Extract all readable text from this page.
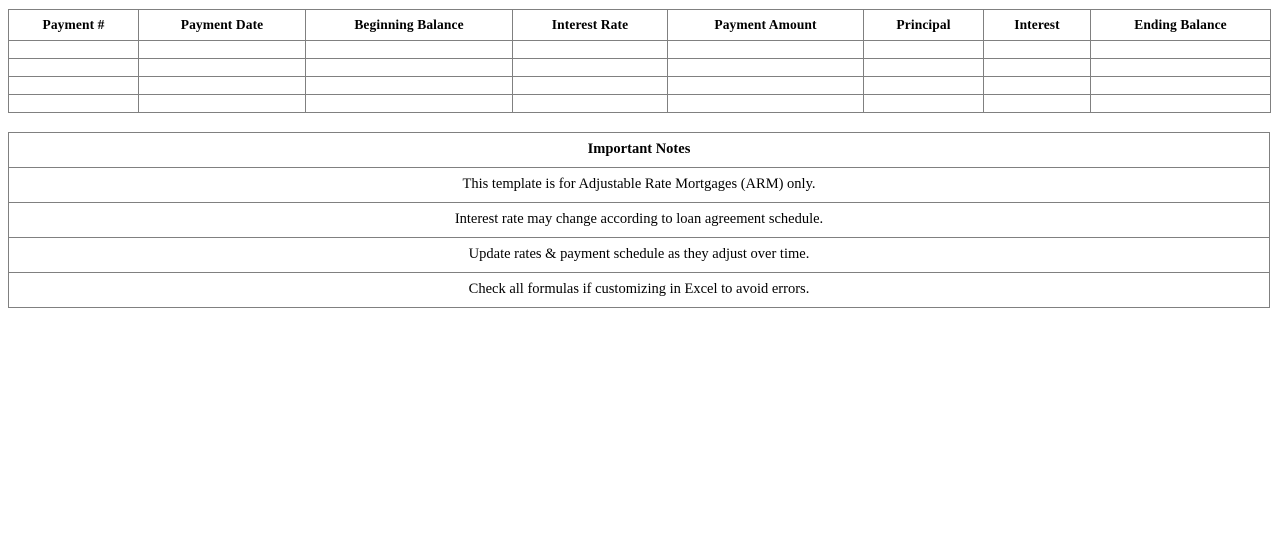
Payment #	Payment Date	Beginning Balance	Interest Rate	Payment Amount	Principal	Interest	Ending Balance

Important Notes
This template is for Adjustable Rate Mortgages (ARM) only.
Interest rate may change according to loan agreement schedule.
Update rates & payment schedule as they adjust over time.
Check all formulas if customizing in Excel to avoid errors.
